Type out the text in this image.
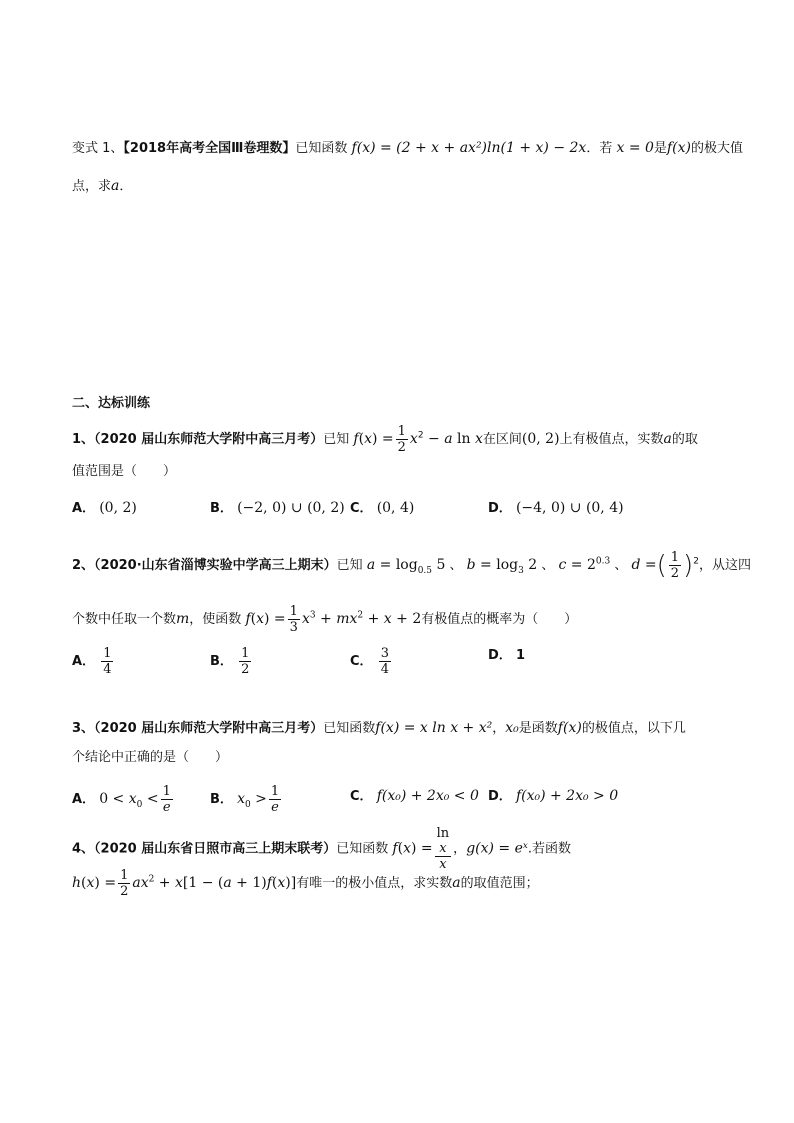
变式 1、【2018年高考全国Ⅲ卷理数】已知函数 f(x) = (2 + x + ax²)ln(1 + x) − 2x．若 x = 0是f(x)的极大值
点，求a．
二、达标训练
1、（2020 届山东师范大学附中高三月考）已知 $f(x) = \frac{1}{2} x^2 - a$ ln x在区间(0, 2)上有极值点，实数a的取
值范围是（　　）
A． (0, 2)	B． (−2, 0) ∪ (0, 2) C． (0, 4)	D． (−4, 0) ∪ (0, 4)
2、（2020·山东省淄博实验中学高三上期末）已知 $a = \log_{0.5} 5$ 、 $b = \log_3 2$ 、 $c = 2^{0.3}$ 、 d =( $\frac{1}{2} )^2$，从这四
个数中任取一个数m，使函数 $f(x) = \frac{1}{3} x^3 + mx^2 + x + 2$有极值点的概率为（　　）
A． $\frac{1}{4}$	B． $\frac{1}{2}$	C． $\frac{3}{4}$	D． 1
3、（2020 届山东师范大学附中高三月考）已知函数f(x) = x ln x + x²，x₀是函数f(x)的极值点，以下几
个结论中正确的是（　　）
A． $0 < x_0 < \frac{1}{e}$	B． $x_0 > \frac{1}{e}$	C． f(x₀) + 2x₀ < 0 D． f(x₀) + 2x₀ > 0
4、（2020 届山东省日照市高三上期末联考）已知函数 f(x) = ln
x
x ，g(x) = eˣ.若函数
$h(x) = \frac{1}{2} ax^2 + x[1 - (a + 1)f(x)]$有唯一的极小值点，求实数a的取值范围；
